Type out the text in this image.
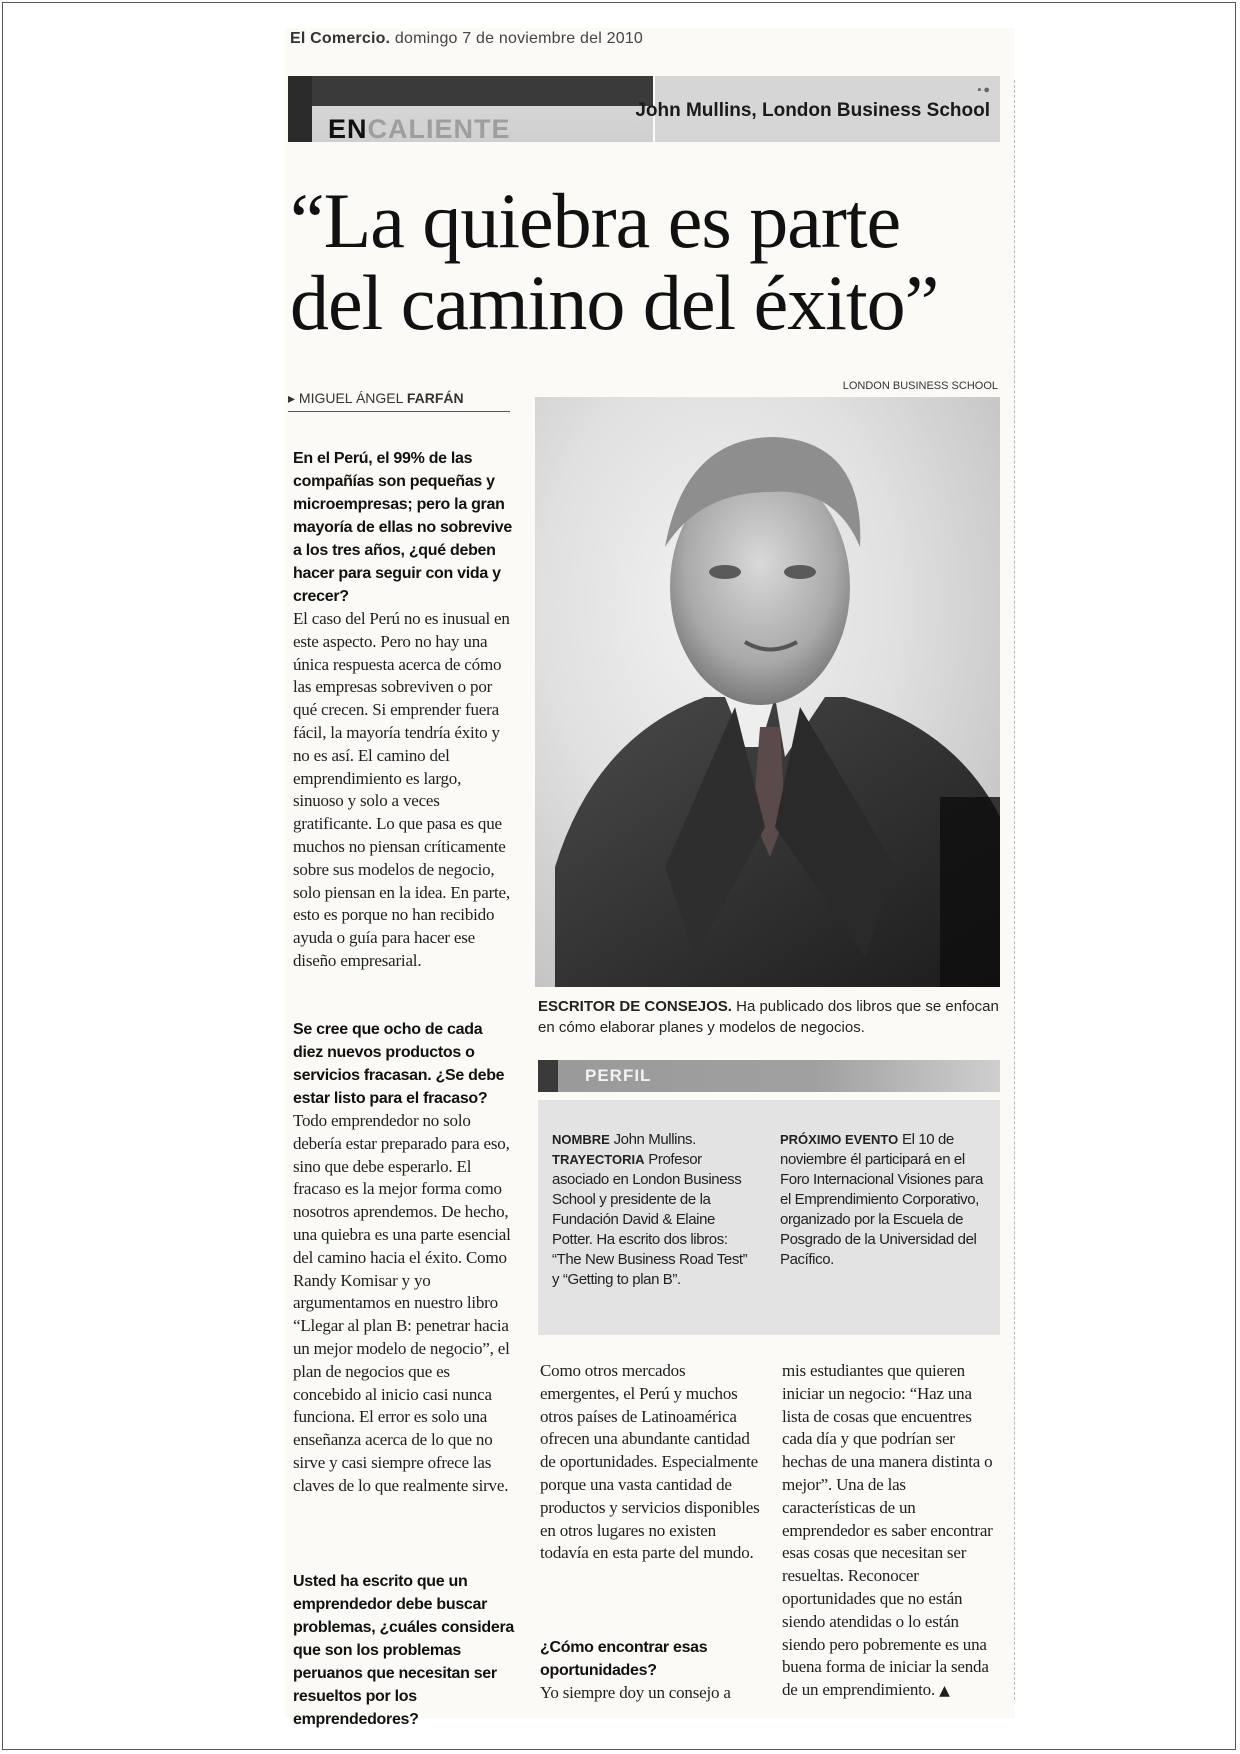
El Comercio. domingo 7 de noviembre del 2010
ENCALIENTE
▪●
John Mullins, London Business School
“La quiebra es parte
del camino del éxito”
▸ MIGUEL ÁNGEL FARFÁN
LONDON BUSINESS SCHOOL
ESCRITOR DE CONSEJOS. Ha publicado dos libros que se enfocan en cómo elaborar planes y modelos de negocios.
PERFIL
NOMBRE John Mullins.
TRAYECTORIA Profesor asociado en London Business School y presidente de la Fundación David & Elaine Potter. Ha escrito dos libros: “The New Business Road Test” y “Getting to plan B”.
PRÓXIMO EVENTO El 10 de noviembre él participará en el Foro Internacional Visiones para el Emprendimiento Corporativo, organizado por la Escuela de Posgrado de la Universidad del Pacífico.

En el Perú, el 99% de las compañías son pequeñas y microempresas; pero la gran mayoría de ellas no sobrevive a los tres años, ¿qué deben hacer para seguir con vida y crecer?

El caso del Perú no es inusual en este aspecto. Pero no hay una única respuesta acerca de cómo las empresas sobreviven o por qué crecen. Si emprender fuera fácil, la mayoría tendría éxito y no es así. El camino del emprendimiento es largo, sinuoso y solo a veces gratificante. Lo que pasa es que muchos no piensan críticamente sobre sus modelos de negocio, solo piensan en la idea. En parte, esto es porque no han recibido ayuda o guía para hacer ese diseño empresarial.

Se cree que ocho de cada diez nuevos productos o servicios fracasan. ¿Se debe estar listo para el fracaso?

Todo emprendedor no solo debería estar preparado para eso, sino que debe esperarlo. El fracaso es la mejor forma como nosotros aprendemos. De hecho, una quiebra es una parte esencial del camino hacia el éxito. Como Randy Komisar y yo argumentamos en nuestro libro “Llegar al plan B: penetrar hacia un mejor modelo de negocio”, el plan de negocios que es concebido al inicio casi nunca funciona. El error es solo una enseñanza acerca de lo que no sirve y casi siempre ofrece las claves de lo que realmente sirve.

Usted ha escrito que un emprendedor debe buscar problemas, ¿cuáles considera que son los problemas peruanos que necesitan ser resueltos por los emprendedores?

Como otros mercados emergentes, el Perú y muchos otros países de Latinoamérica ofrecen una abundante cantidad de oportunidades. Especialmente porque una vasta cantidad de productos y servicios disponibles en otros lugares no existen todavía en esta parte del mundo.

¿Cómo encontrar esas oportunidades?

Yo siempre doy un consejo a

mis estudiantes que quieren iniciar un negocio: “Haz una lista de cosas que encuentres cada día y que podrían ser hechas de una manera distinta o mejor”. Una de las características de un emprendedor es saber encontrar esas cosas que necesitan ser resueltas. Reconocer oportunidades que no están siendo atendidas o lo están siendo pero pobremente es una buena forma de iniciar la senda de un emprendimiento. ▲
